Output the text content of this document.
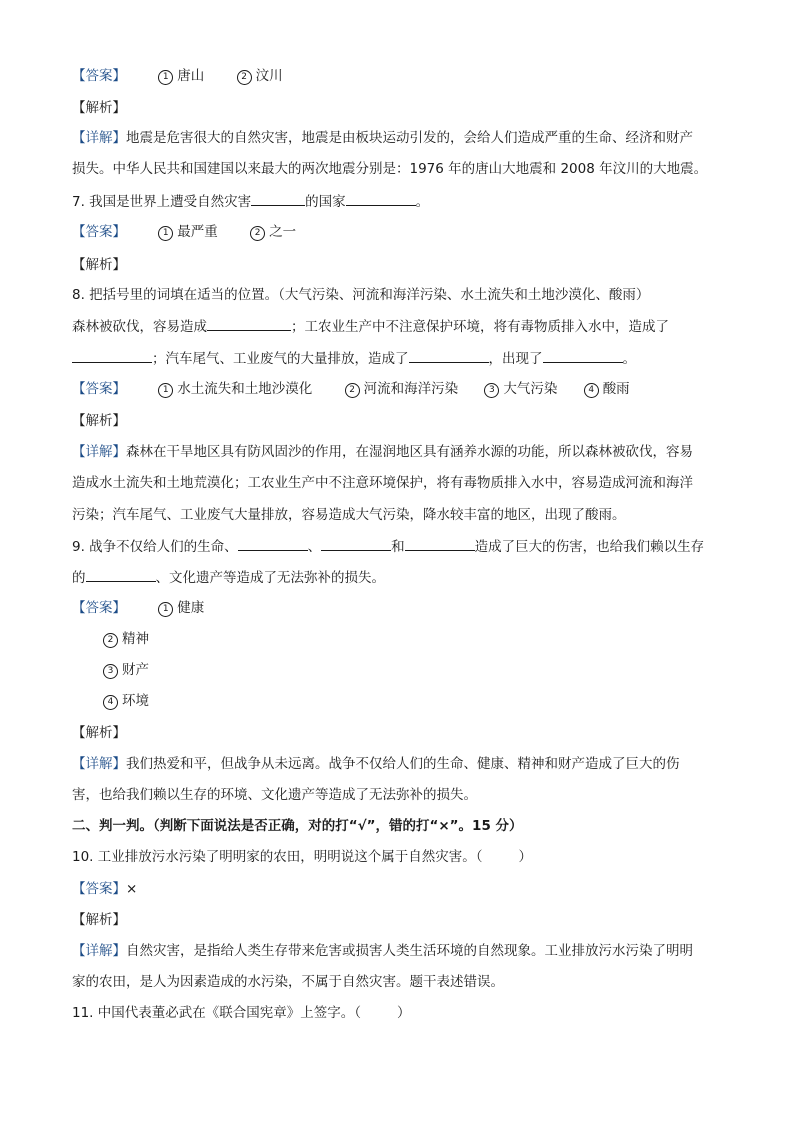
【答案】	1 唐山	2 汶川
【解析】
【详解】地震是危害很大的自然灾害，地震是由板块运动引发的，会给人们造成严重的生命、经济和财产
损失。中华人民共和国建国以来最大的两次地震分别是：1976 年的唐山大地震和 2008 年汶川的大地震。
7. 我国是世界上遭受自然灾害	的国家	。
【答案】	1 最严重	2 之一
【解析】
8. 把括号里的词填在适当的位置。（大气污染、河流和海洋污染、水土流失和土地沙漠化、酸雨）
森林被砍伐，容易造成	；工农业生产中不注意保护环境，将有毒物质排入水中，造成了
；汽车尾气、工业废气的大量排放，造成了	，出现了	。
【答案】	1 水土流失和土地沙漠化	2 河流和海洋污染	3 大气污染	4 酸雨
【解析】
【详解】森林在干旱地区具有防风固沙的作用，在湿润地区具有涵养水源的功能，所以森林被砍伐，容易
造成水土流失和土地荒漠化；工农业生产中不注意环境保护，将有毒物质排入水中，容易造成河流和海洋
污染；汽车尾气、工业废气大量排放，容易造成大气污染，降水较丰富的地区，出现了酸雨。
9. 战争不仅给人们的生命、	、	和	造成了巨大的伤害，也给我们赖以生存
的	、文化遗产等造成了无法弥补的损失。
【答案】	1 健康
2 精神
3 财产
4 环境
【解析】
【详解】我们热爱和平，但战争从未远离。战争不仅给人们的生命、健康、精神和财产造成了巨大的伤
害，也给我们赖以生存的环境、文化遗产等造成了无法弥补的损失。
二、判一判。（判断下面说法是否正确，对的打“√”，错的打“×”。15 分）
10. 工业排放污水污染了明明家的农田，明明说这个属于自然灾害。（	）
【答案】×
【解析】
【详解】自然灾害，是指给人类生存带来危害或损害人类生活环境的自然现象。工业排放污水污染了明明
家的农田，是人为因素造成的水污染，不属于自然灾害。题干表述错误。
11. 中国代表董必武在《联合国宪章》上签字。（	）
